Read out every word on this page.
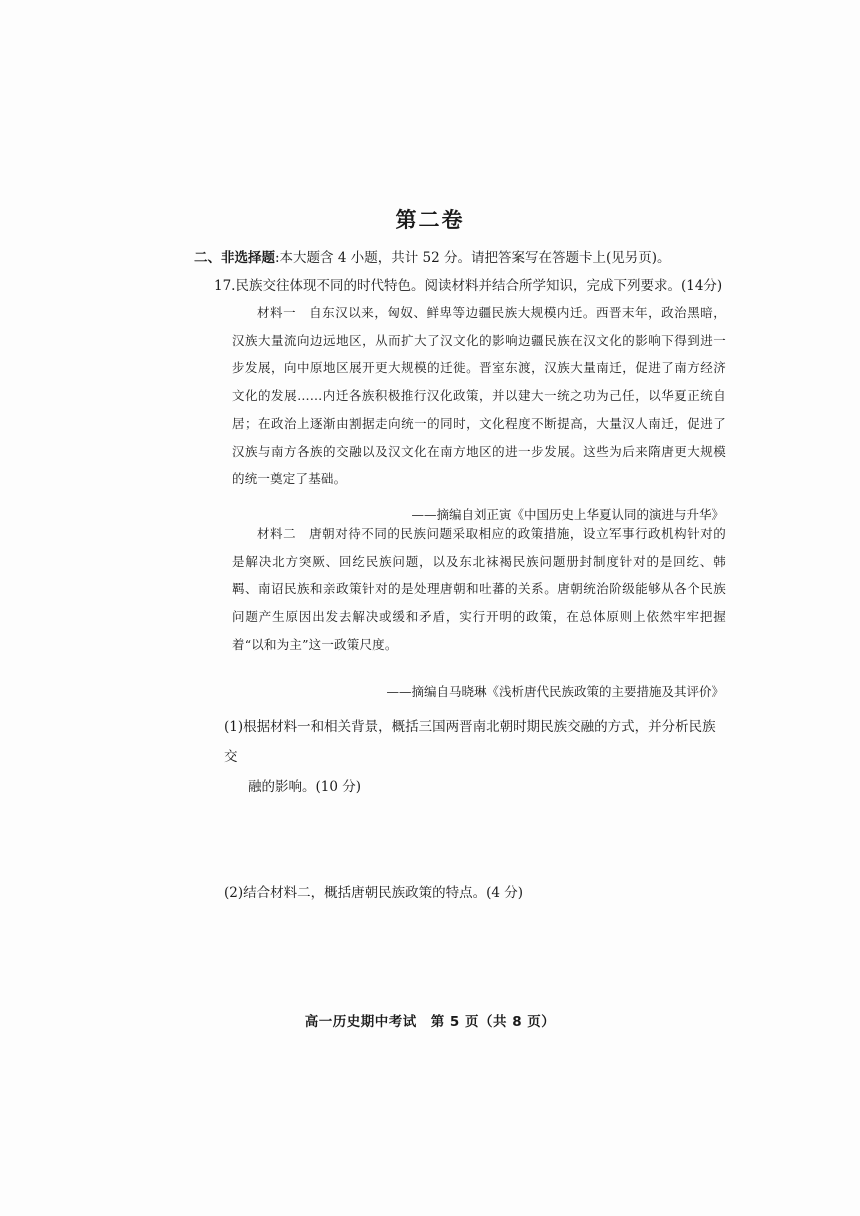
第二卷
二、非选择题:本大题含 4 小题，共计 52 分。请把答案写在答题卡上(见另页)。
17.民族交往体现不同的时代特色。阅读材料并结合所学知识，完成下列要求。(14分)
材料一　自东汉以来，匈奴、鲜卑等边疆民族大规模内迁。西晋末年，政治黑暗，汉族大量流向边远地区，从而扩大了汉文化的影响边疆民族在汉文化的影响下得到进一步发展，向中原地区展开更大规模的迁徙。晋室东渡，汉族大量南迁，促进了南方经济文化的发展……内迁各族积极推行汉化政策，并以建大一统之功为己任，以华夏正统自居；在政治上逐渐由割据走向统一的同时，文化程度不断提高，大量汉人南迁，促进了汉族与南方各族的交融以及汉文化在南方地区的进一步发展。这些为后来隋唐更大规模的统一奠定了基础。
——摘编自刘正寅《中国历史上华夏认同的演进与升华》
材料二　唐朝对待不同的民族问题采取相应的政策措施，设立军事行政机构针对的是解决北方突厥、回纥民族问题，以及东北袜褐民族问题册封制度针对的是回纥、韩羁、南诏民族和亲政策针对的是处理唐朝和吐蕃的关系。唐朝统治阶级能够从各个民族问题产生原因出发去解决或缓和矛盾，实行开明的政策，在总体原则上依然牢牢把握着“以和为主”这一政策尺度。
——摘编自马晓琳《浅析唐代民族政策的主要措施及其评价》
(1)根据材料一和相关背景，概括三国两晋南北朝时期民族交融的方式，并分析民族交
融的影响。(10 分)
(2)结合材料二，概括唐朝民族政策的特点。(4 分)
高一历史期中考试　第 5 页（共 8 页）
